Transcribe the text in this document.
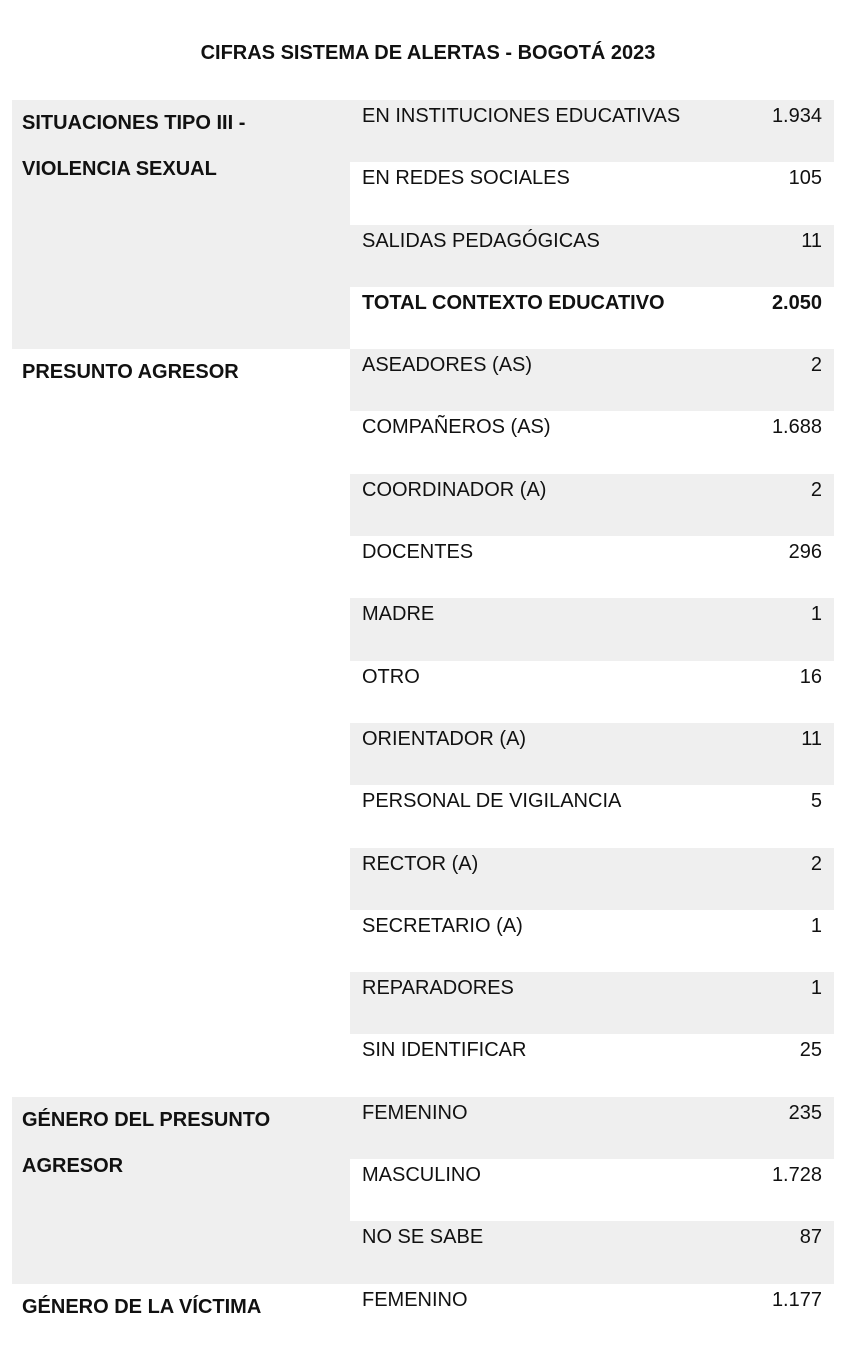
CIFRAS SISTEMA DE ALERTAS - BOGOTÁ 2023
SITUACIONES TIPO III -
VIOLENCIA SEXUAL
EN INSTITUCIONES EDUCATIVAS	1.934
EN REDES SOCIALES	105
SALIDAS PEDAGÓGICAS	11
TOTAL CONTEXTO EDUCATIVO	2.050
PRESUNTO AGRESOR	ASEADORES (AS)	2
COMPAÑEROS (AS)	1.688
COORDINADOR (A)	2
DOCENTES	296
MADRE	1
OTRO	16
ORIENTADOR (A)	11
PERSONAL DE VIGILANCIA	5
RECTOR (A)	2
SECRETARIO (A)	1
REPARADORES	1
SIN IDENTIFICAR	25
GÉNERO DEL PRESUNTO
AGRESOR
FEMENINO	235
MASCULINO	1.728
NO SE SABE	87
GÉNERO DE LA VÍCTIMA	FEMENINO	1.177
